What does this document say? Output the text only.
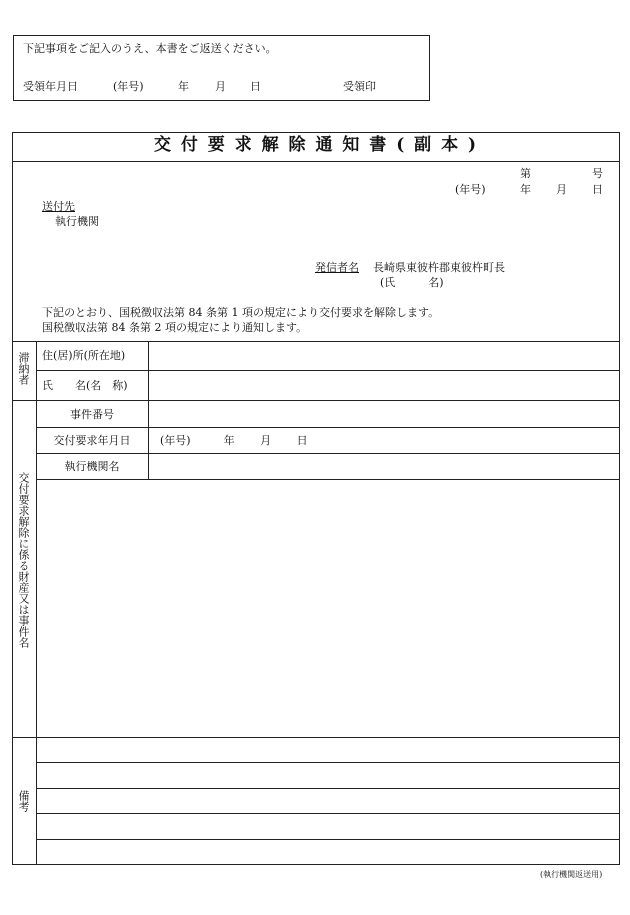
下記事項をご記入のうえ、本書をご返送ください。
受領年月日	(年号)	年 月 日	受領印
交 付 要 求 解 除 通 知 書 ( 副 本 )
第	号
(年号)	年 月 日
送付先
執行機関
発信者名 長崎県東彼杵郡東彼杵町長
(氏　　　名)
下記のとおり、国税徴収法第 84 条第 1 項の規定により交付要求を解除します。
国税徴収法第 84 条第 2 項の規定により通知します。
滞納者 住(居)所(所在地)
氏　　名(名　称)
交付要求解除に係る財産又は事件名
事件番号
交付要求年月日	(年号)　　　年　　 月　　 日
執行機関名
備考
(執行機関返送用)
